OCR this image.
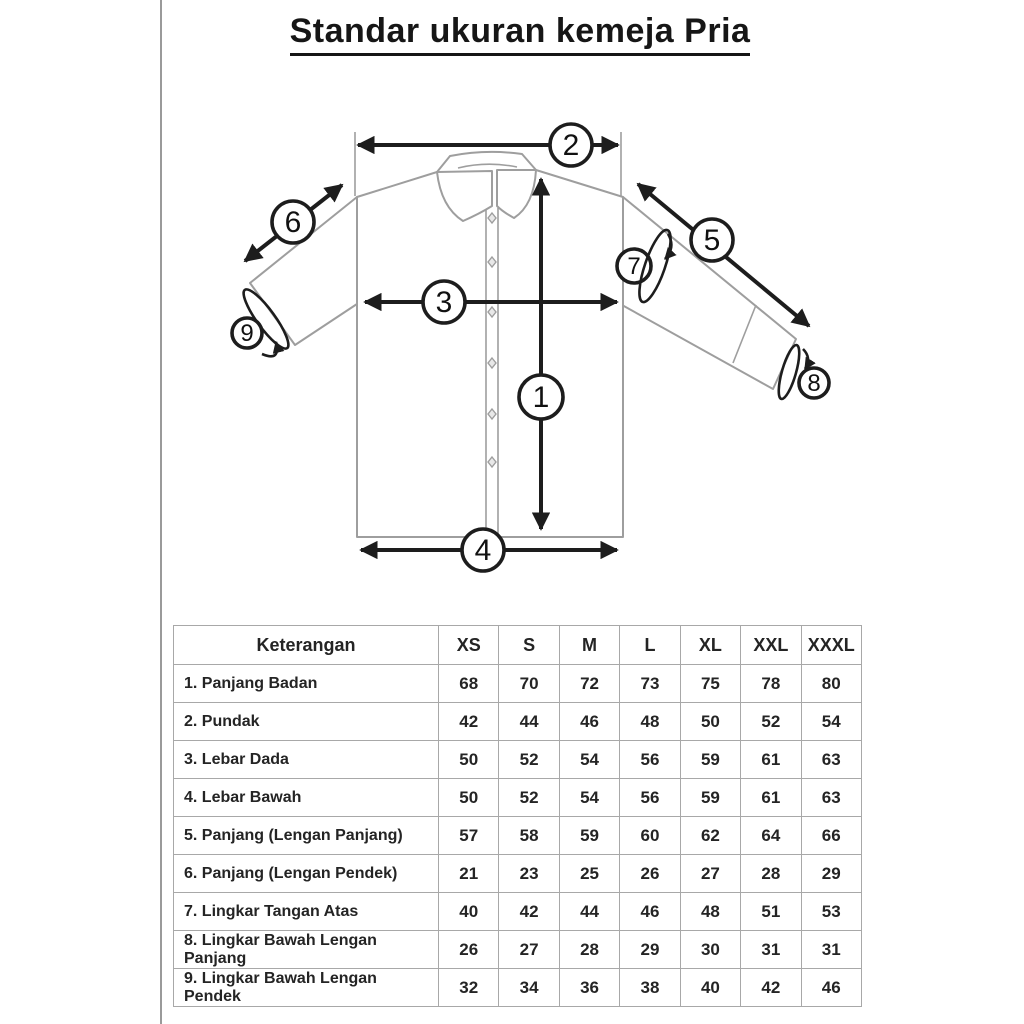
Standar ukuran kemeja Pria
1
2
3
4
5
6
7
8
9
Keterangan	XS	S	M	L	XL	XXL	XXXL
1. Panjang Badan	68	70	72	73	75	78	80
2. Pundak	42	44	46	48	50	52	54
3. Lebar Dada	50	52	54	56	59	61	63
4. Lebar Bawah	50	52	54	56	59	61	63
5. Panjang (Lengan Panjang)	57	58	59	60	62	64	66
6. Panjang (Lengan Pendek)	21	23	25	26	27	28	29
7. Lingkar Tangan Atas	40	42	44	46	48	51	53
8. Lingkar Bawah Lengan Panjang	26	27	28	29	30	31	31
9. Lingkar Bawah Lengan Pendek	32	34	36	38	40	42	46
